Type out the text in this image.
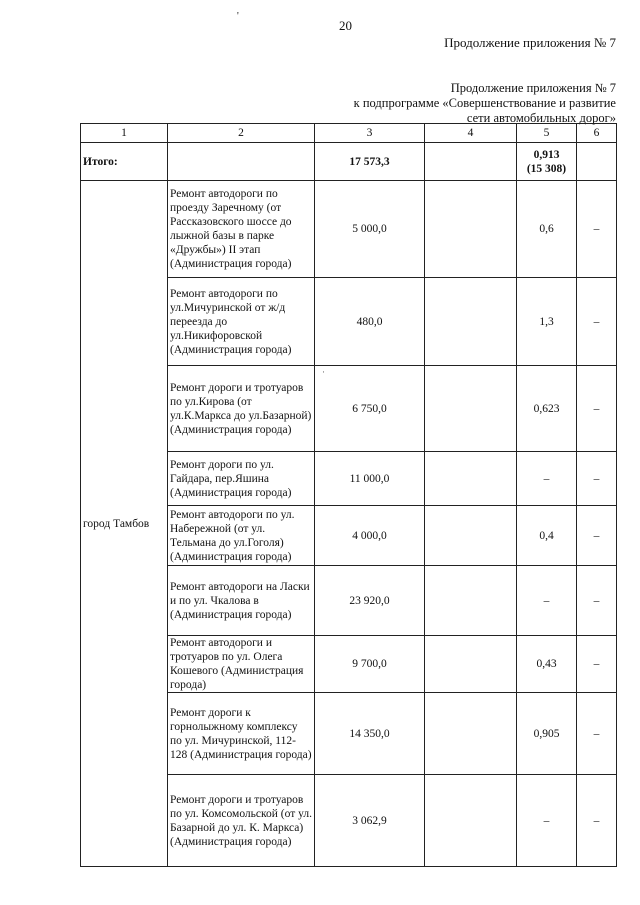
'
20
Продолжение приложения № 7
Продолжение приложения № 7
к подпрограмме «Совершенствование и развитие
сети автомобильных дорог»
1	2	3	4	5	6
Итого:		17 573,3		0,913
(15 308)	

город Тамбов	Ремонт автодороги по проезду Заречному (от Рассказовского шоссе до лыжной базы в парке «Дружбы») II этап (Администрация города)	5 000,0		0,6	–
	Ремонт автодороги по ул.Мичуринской от ж/д переезда до ул.Никифоровской (Администрация города)	480,0		1,3	–
	Ремонт дороги и тротуаров по ул.Кирова (от ул.К.Маркса до ул.Базарной) (Администрация города)	6 750,0		0,623	–
	Ремонт дороги по ул. Гайдара, пер.Яшина (Администрация города)	11 000,0		–	–
	Ремонт автодороги по ул. Набережной (от ул. Тельмана до ул.Гоголя) (Администрация города)	4 000,0		0,4	–
	Ремонт автодороги на Ласки и по ул. Чкалова в (Администрация города)	23 920,0		–	–
	Ремонт автодороги и тротуаров по ул. Олега Кошевого (Администрация города)	9 700,0		0,43	–
	Ремонт дороги к горнолыжному комплексу по ул. Мичуринской, 112-128 (Администрация города)	14 350,0		0,905	–
	Ремонт дороги и тротуаров по ул. Комсомольской (от ул. Базарной до ул. К. Маркса) (Администрация города)	3 062,9		–	–
·
